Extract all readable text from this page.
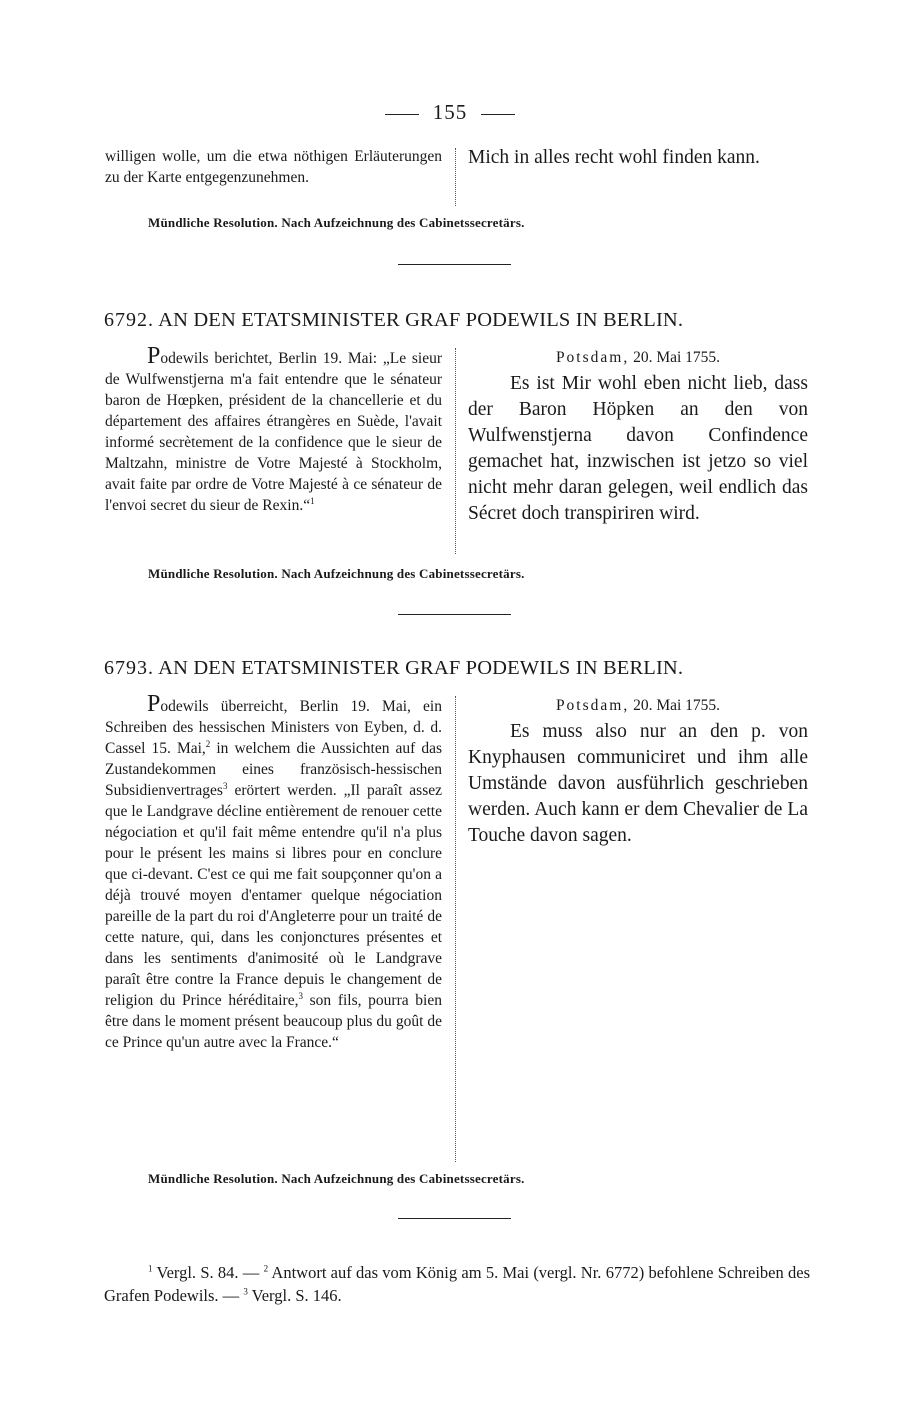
155

willigen wolle, um die etwa nöthigen Erläuterungen zu der Karte entgegenzunehmen.

Mich in alles recht wohl finden kann.

Mündliche Resolution. Nach Aufzeichnung des Cabinetssecretärs.
6792. AN DEN ETATSMINISTER GRAF PODEWILS IN BERLIN.

Podewils berichtet, Berlin 19. Mai: „Le sieur de Wulfwenstjerna m'a fait entendre que le sénateur baron de Hœpken, président de la chancellerie et du département des affaires étrangères en Suède, l'avait informé secrètement de la confidence que le sieur de Maltzahn, ministre de Votre Majesté à Stockholm, avait faite par ordre de Votre Majesté à ce sénateur de l'envoi secret du sieur de Rexin.“$^1$

Potsdam, 20. Mai 1755.

Es ist Mir wohl eben nicht lieb, dass der Baron Höpken an den von Wulfwenstjerna davon Confindence gemachet hat, inzwischen ist jetzo so viel nicht mehr daran gelegen, weil endlich das Sécret doch transpiriren wird.

Mündliche Resolution. Nach Aufzeichnung des Cabinetssecretärs.
6793. AN DEN ETATSMINISTER GRAF PODEWILS IN BERLIN.

Podewils überreicht, Berlin 19. Mai, ein Schreiben des hessischen Ministers von Eyben, d. d. Cassel 15. Mai,$^2$ in welchem die Aussichten auf das Zustandekommen eines französisch-hessischen Subsidienvertrages$^3$ erörtert werden. „Il paraît assez que le Landgrave décline entièrement de renouer cette négociation et qu'il fait même entendre qu'il n'a plus pour le présent les mains si libres pour en conclure que ci-devant. C'est ce qui me fait soupçonner qu'on a déjà trouvé moyen d'entamer quelque négociation pareille de la part du roi d'Angleterre pour un traité de cette nature, qui, dans les conjonctures présentes et dans les sentiments d'animosité où le Landgrave paraît être contre la France depuis le changement de religion du Prince héréditaire,$^3$ son fils, pourra bien être dans le moment présent beaucoup plus du goût de ce Prince qu'un autre avec la France.“

Potsdam, 20. Mai 1755.

Es muss also nur an den p. von Knyphausen communiciret und ihm alle Umstände davon ausführlich geschrieben werden. Auch kann er dem Chevalier de La Touche davon sagen.

Mündliche Resolution. Nach Aufzeichnung des Cabinetssecretärs.
$^1$ Vergl. S. 84. — $^2$ Antwort auf das vom König am 5. Mai (vergl. Nr. 6772) befohlene Schreiben des Grafen Podewils. — $^3$ Vergl. S. 146.
